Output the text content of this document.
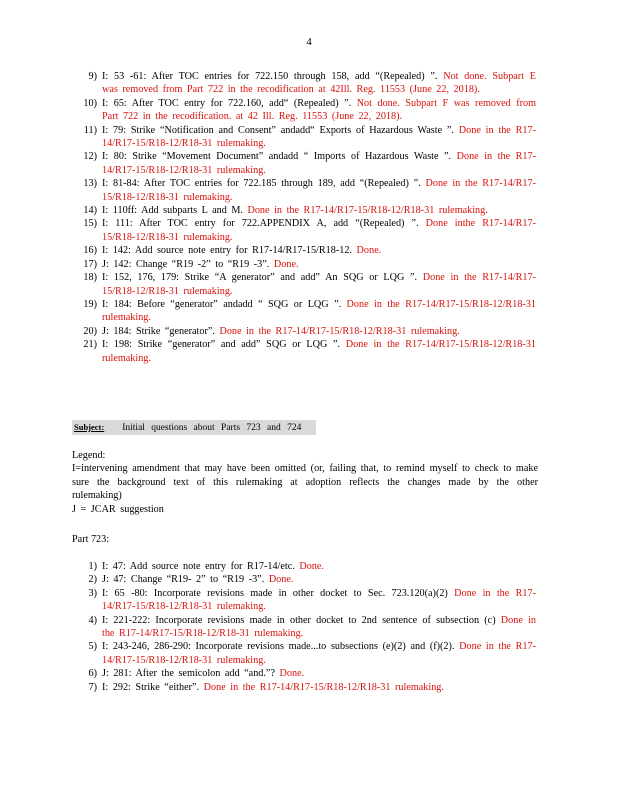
4
9) I: 53 -61: After TOC entries for 722.150 through 158, add “(Repealed) ”. Not done. Subpart E was removed from Part 722 in the recodification at 42Ill. Reg. 11553 (June 22, 2018).
10) I: 65: After TOC entry for 722.160, add“ (Repealed) ”. Not done. Subpart F was removed from Part 722 in the recodification. at 42 Ill. Reg. 11553 (June 22, 2018).
11) I: 79: Strike “Notification and Consent” andadd“ Exports of Hazardous Waste ”. Done in the R17-14/R17-15/R18-12/R18-31 rulemaking.
12) I: 80: Strike “Movement Document” andadd “ Imports of Hazardous Waste ”. Done in the R17-14/R17-15/R18-12/R18-31 rulemaking.
13) I: 81-84: After TOC entries for 722.185 through 189, add “(Repealed) ”. Done in the R17-14/R17-15/R18-12/R18-31 rulemaking.
14) I: 110ff: Add subparts L and M. Done in the R17-14/R17-15/R18-12/R18-31 rulemaking.
15) I: 111: After TOC entry for 722.APPENDIX A, add “(Repealed) ”. Done inthe R17-14/R17-15/R18-12/R18-31 rulemaking.
16) I: 142: Add source note entry for R17-14/R17-15/R18-12. Done.
17) J: 142: Change “R19 -2” to “R19 -3”. Done.
18) I: 152, 176, 179: Strike “A generator” and add” An SQG or LQG ”. Done in the R17-14/R17-15/R18-12/R18-31 rulemaking.
19) I: 184: Before “generator” andadd “ SQG or LQG ”. Done in the R17-14/R17-15/R18-12/R18-31 rulemaking.
20) J: 184: Strike “generator”. Done in the R17-14/R17-15/R18-12/R18-31 rulemaking.
21) I: 198: Strike “generator” and add” SQG or LQG ”. Done in the R17-14/R17-15/R18-12/R18-31 rulemaking.
Subject: Initial questions about Parts 723 and 724

Legend:

I=intervening amendment that may have been omitted (or, failing that, to remind myself to check to make sure the background text of this rulemaking at adoption reflects the changes made by the other rulemaking)

J = JCAR suggestion

Part 723:
1) I: 47: Add source note entry for R17-14/etc. Done.
2) J: 47: Change “R19- 2” to “R19 -3”. Done.
3) I: 65 -80: Incorporate revisions made in other docket to Sec. 723.120(a)(2) Done in the R17-14/R17-15/R18-12/R18-31 rulemaking.
4) I: 221-222: Incorporate revisions made in other docket to 2nd sentence of subsection (c) Done in the R17-14/R17-15/R18-12/R18-31 rulemaking.
5) I: 243-246, 286-290: Incorporate revisions made...to subsections (e)(2) and (f)(2). Done in the R17-14/R17-15/R18-12/R18-31 rulemaking.
6) J: 281: After the semicolon add “and.”? Done.
7) I: 292: Strike “either”. Done in the R17-14/R17-15/R18-12/R18-31 rulemaking.
